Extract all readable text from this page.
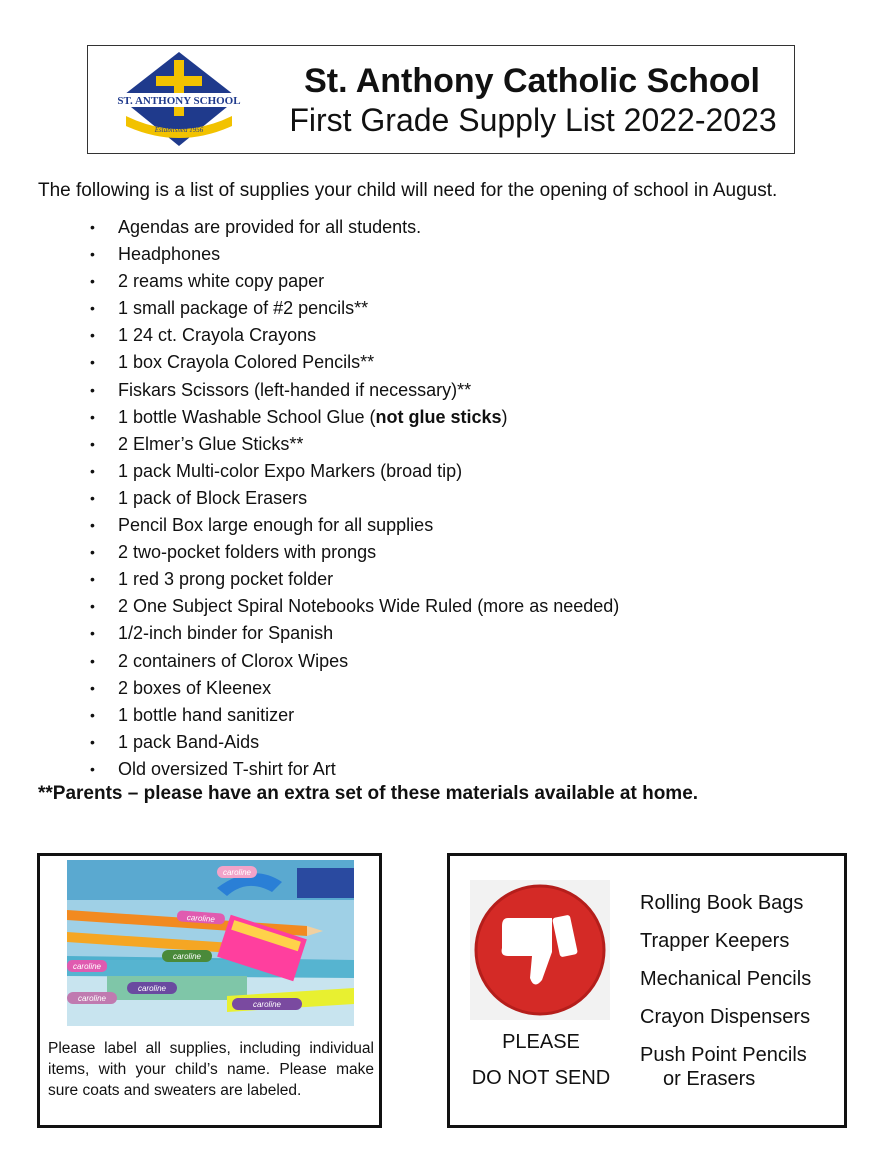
ST. ANTHONY SCHOOL
Established 1956
St. Anthony Catholic School
First Grade Supply List 2022-2023
The following is a list of supplies your child will need for the opening of school in August.
• Agendas are provided for all students.
• Headphones
• 2 reams white copy paper
• 1 small package of #2 pencils**
• 1 24 ct. Crayola Crayons
• 1 box Crayola Colored Pencils**
• Fiskars Scissors (left-handed if necessary)**
• 1 bottle Washable School Glue (not glue sticks)
• 2 Elmer’s Glue Sticks**
• 1 pack Multi-color Expo Markers (broad tip)
• 1 pack of Block Erasers
• Pencil Box large enough for all supplies
• 2 two-pocket folders with prongs
• 1 red 3 prong pocket folder
• 2 One Subject Spiral Notebooks Wide Ruled (more as needed)
• 1/2-inch binder for Spanish
• 2 containers of Clorox Wipes
• 2 boxes of Kleenex
• 1 bottle hand sanitizer
• 1 pack Band-Aids
• Old oversized T-shirt for Art
**Parents – please have an extra set of these materials available at home.
caroline
caroline
caroline
caroline
caroline
caroline
caroline
Please label all supplies, including individual items, with your child’s name. Please make sure coats and sweaters are labeled.
PLEASE
DO NOT SEND
Rolling Book Bags
Trapper Keepers
Mechanical Pencils
Crayon Dispensers
Push Point Pencils
or Erasers
